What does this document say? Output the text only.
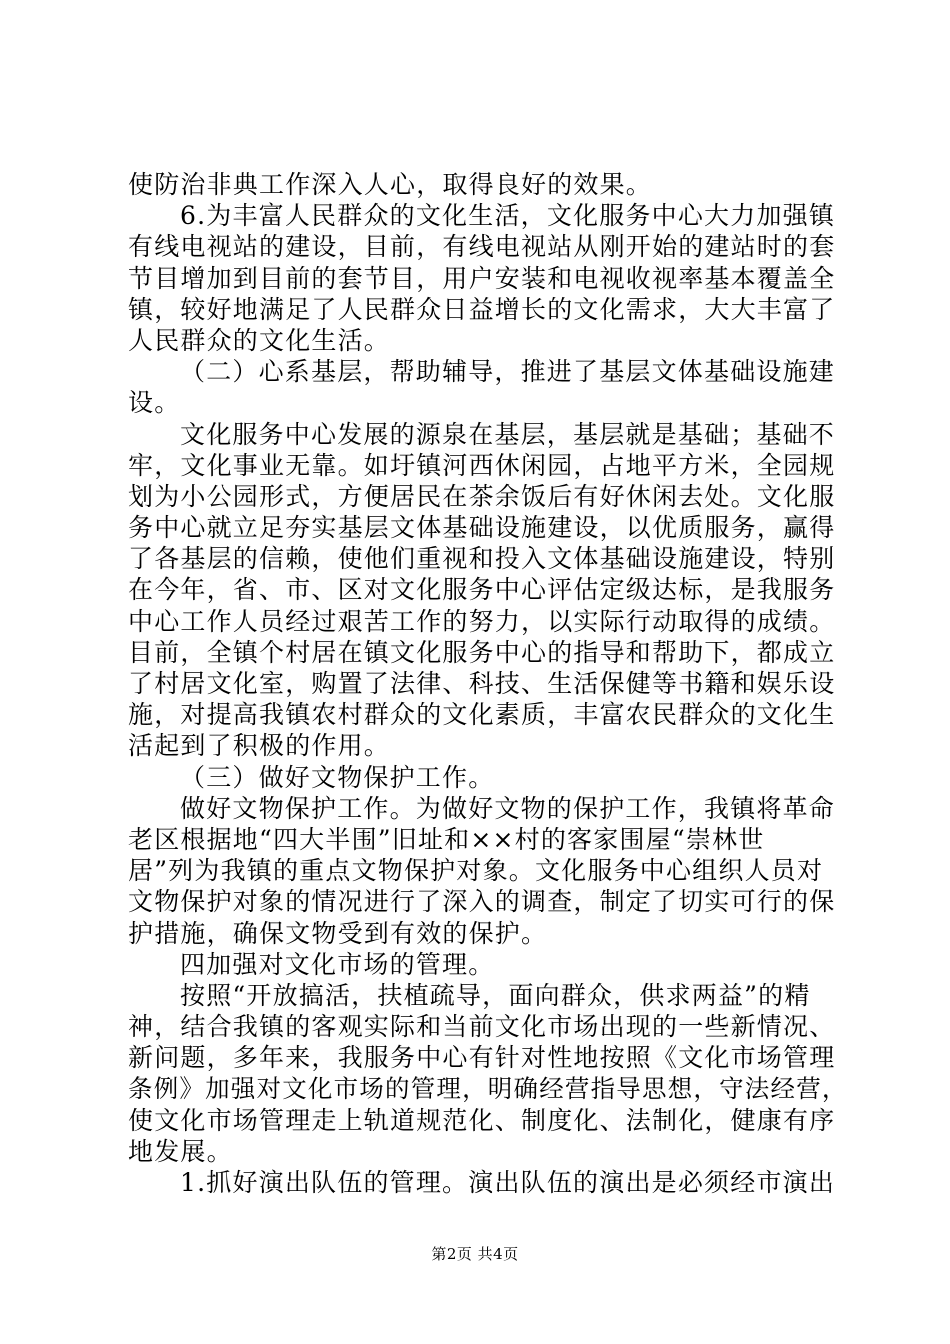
使防治非典工作深入人心，取得良好的效果。
6.为丰富人民群众的文化生活，文化服务中心大力加强镇
有线电视站的建设，目前，有线电视站从刚开始的建站时的套
节目增加到目前的套节目，用户安装和电视收视率基本覆盖全
镇，较好地满足了人民群众日益增长的文化需求，大大丰富了
人民群众的文化生活。
（二）心系基层，帮助辅导，推进了基层文体基础设施建
设。
文化服务中心发展的源泉在基层，基层就是基础；基础不
牢，文化事业无靠。如圩镇河西休闲园，占地平方米，全园规
划为小公园形式，方便居民在茶余饭后有好休闲去处。文化服
务中心就立足夯实基层文体基础设施建设，以优质服务，赢得
了各基层的信赖，使他们重视和投入文体基础设施建设，特别
在今年，省、市、区对文化服务中心评估定级达标，是我服务
中心工作人员经过艰苦工作的努力，以实际行动取得的成绩。
目前，全镇个村居在镇文化服务中心的指导和帮助下，都成立
了村居文化室，购置了法律、科技、生活保健等书籍和娱乐设
施，对提高我镇农村群众的文化素质，丰富农民群众的文化生
活起到了积极的作用。
（三）做好文物保护工作。
做好文物保护工作。为做好文物的保护工作，我镇将革命
老区根据地“四大半围”旧址和××村的客家围屋“崇林世
居”列为我镇的重点文物保护对象。文化服务中心组织人员对
文物保护对象的情况进行了深入的调查，制定了切实可行的保
护措施，确保文物受到有效的保护。
四加强对文化市场的管理。
按照“开放搞活，扶植疏导，面向群众，供求两益”的精
神，结合我镇的客观实际和当前文化市场出现的一些新情况、
新问题，多年来，我服务中心有针对性地按照《文化市场管理
条例》加强对文化市场的管理，明确经营指导思想，守法经营，
使文化市场管理走上轨道规范化、制度化、法制化，健康有序
地发展。
1.抓好演出队伍的管理。演出队伍的演出是必须经市演出
第2页 共4页
